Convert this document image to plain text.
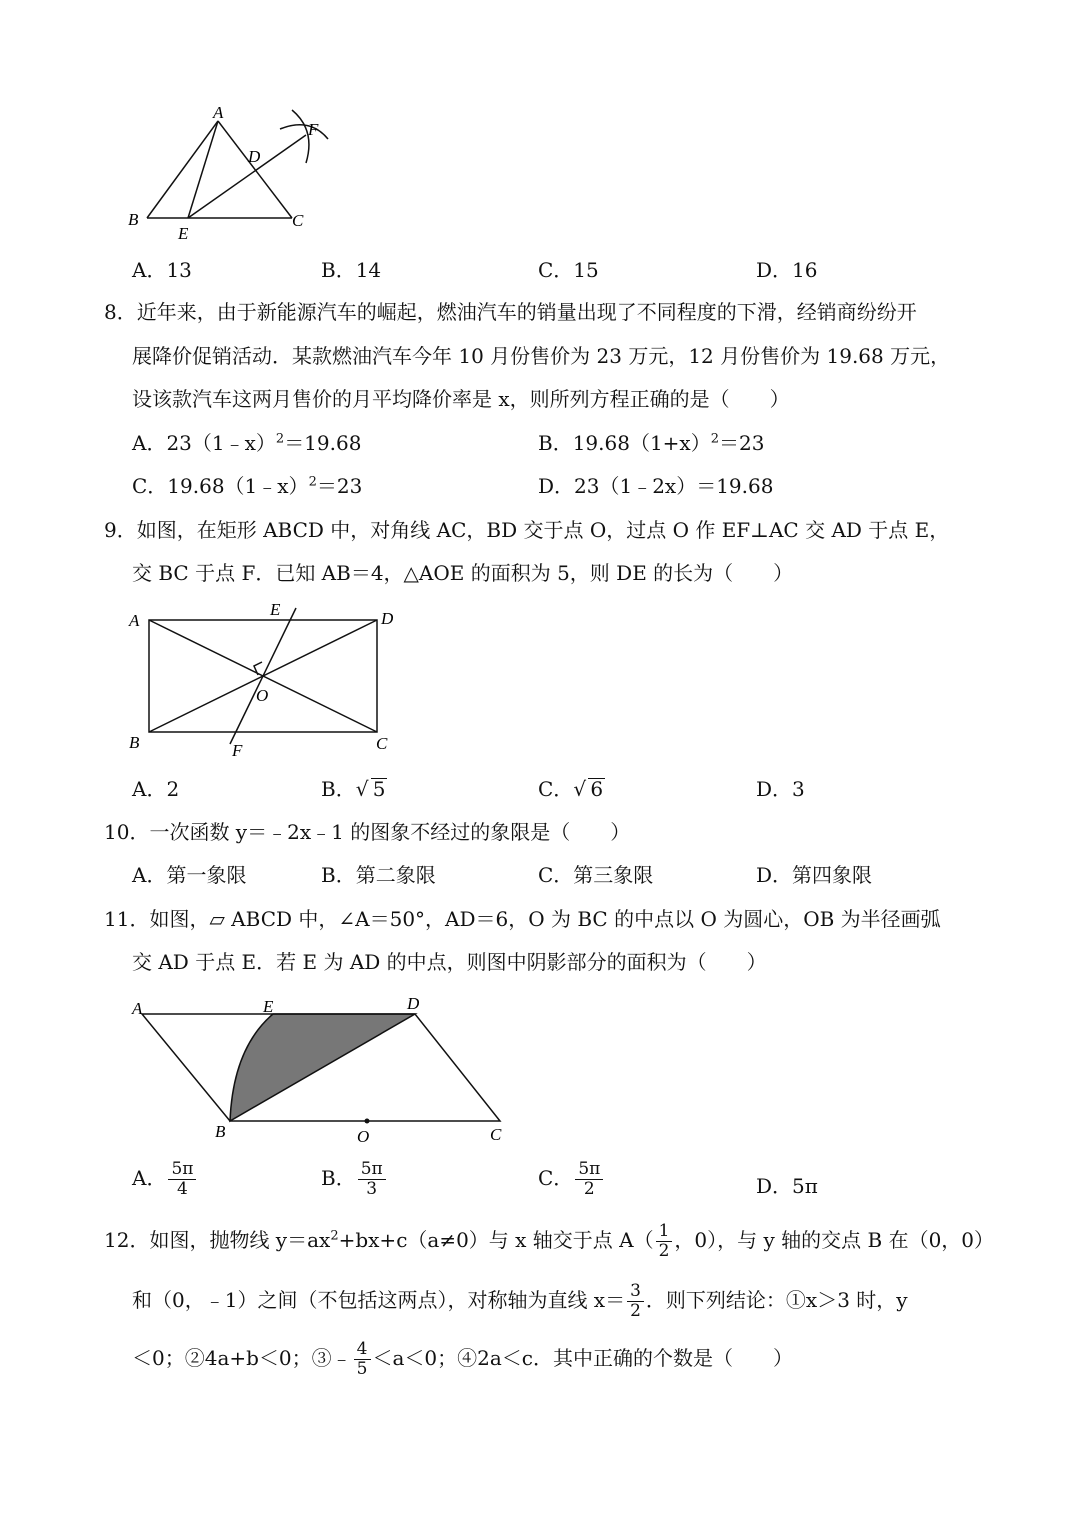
A
B	C
D
E
F
A．13	B．14	C．15	D．16
8．近年来，由于新能源汽车的崛起，燃油汽车的销量出现了不同程度的下滑，经销商纷纷开
展降价促销活动．某款燃油汽车今年 10 月份售价为 23 万元，12 月份售价为 19.68 万元，
设该款汽车这两月售价的月平均降价率是 x，则所列方程正确的是（　　）
A．23（1﹣x）$^2$＝19.68	B．$19.68(1+x)^2=23$
C．19.68（1﹣x）$^2$＝23	D．23（1﹣2x）＝19.68
9．如图，在矩形 ABCD 中，对角线 AC，BD 交于点 O，过点 O 作 EF⊥AC 交 AD 于点 E，
交 BC 于点 F．已知 AB＝4，△AOE 的面积为 5，则 DE 的长为（　　）
A
B	C
D
E
F
O
A．2	B． √ 5	C． √ 6	D．3
10．一次函数 y＝﹣2x﹣1 的图象不经过的象限是（　　）
A．第一象限	B．第二象限	C．第三象限	D．第四象限
11．如图，▱ ABCD 中，∠A＝50°，AD＝6，O 为 BC 的中点以 O 为圆心，OB 为半径画弧
交 AD 于点 E．若 E 为 AD 的中点，则图中阴影部分的面积为（　　）
A	E	D
B	O	C
A． $\frac{5\pi}{4}$	B． $\frac{5\pi}{3}$	C． $\frac{5\pi}{2}$	D．5π
12．如图，抛物线 $y=ax^2+bx+c(a\ne 0)$与 x 轴交于点 $A( \frac{1}{2}$ ，0），与 y 轴的交点 B 在（0，0）
和（0，﹣1）之间（不包括这两点），对称轴为直线 $x= \frac{3}{2}$ ．则下列结论：①x＞3 时，y
＜0；②4a+b＜0；③﹣ $\frac{4}{5} <a<0$；④2a＜c．其中正确的个数是（　　）
